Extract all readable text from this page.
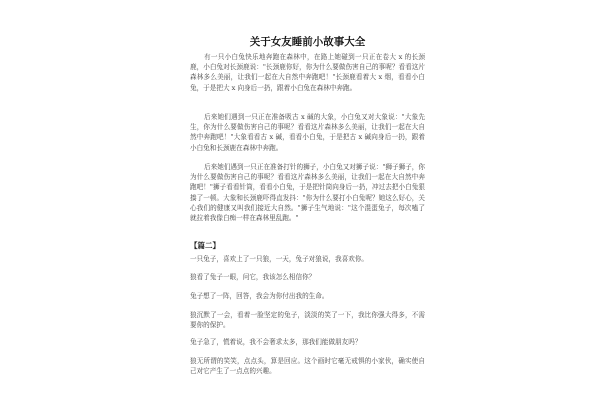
关于女友睡前小故事大全

有一只小白兔快乐地奔跑在森林中，在路上她碰到一只正在卷大 x 的长颈鹿，小白兔对长颈鹿说："长颈鹿你好，你为什么要做伤害自己的事呢？看看这片森林多么美丽，让我们一起在大自然中奔跑吧！"长颈鹿看着大 x 烟，看看小白兔，于是把大 x 向身后一扔，跟着小白兔在森林中奔跑。

后来她们遇到一只正在准备吸古 x 碱的大象，小白兔又对大象说："大象先生，你为什么要做伤害自己的事呢？看看这片森林多么美丽，让我们一起在大自然中奔跑吧！"大象看看古 x 碱，看看小白兔，于是把古 x 碱向身后一扔，跟着小白兔和长颈鹿在森林中奔跑。

后来她们遇到一只正在准备打针的狮子，小白兔又对狮子说："狮子狮子，你为什么要做伤害自己的事呢？看看这片森林多么美丽，让我们一起在大自然中奔跑吧！"狮子看看针筒，看看小白兔，于是把针筒向身后一扔，冲过去把小白兔狠揍了一顿。大象和长颈鹿吓得直发抖："你为什么要打小白兔呢？她这么好心，关心我们的健康又叫我们接近大自然。"狮子生气地说："这个混蛋兔子，每次嗑了就拉着我像白痴一样在森林里乱跑。"

【篇二】

一只兔子，喜欢上了一只狼，一天，兔子对狼说，我喜欢你。

狼看了兔子一眼，问它，我该怎么相信你？

兔子想了一阵，回答，我会为你付出我的生命。

狼沉默了一会，看着一脸坚定的兔子，淡淡的笑了一下，我比你强大得多，不需要你的保护。

兔子急了，慌着说，我不会奢求太多，那我们能做朋友吗？

狼无所谓的笑笑，点点头，算是回应。这个画时它毫无戒惧的小家伙，确实使自己对它产生了一点点的兴趣。
